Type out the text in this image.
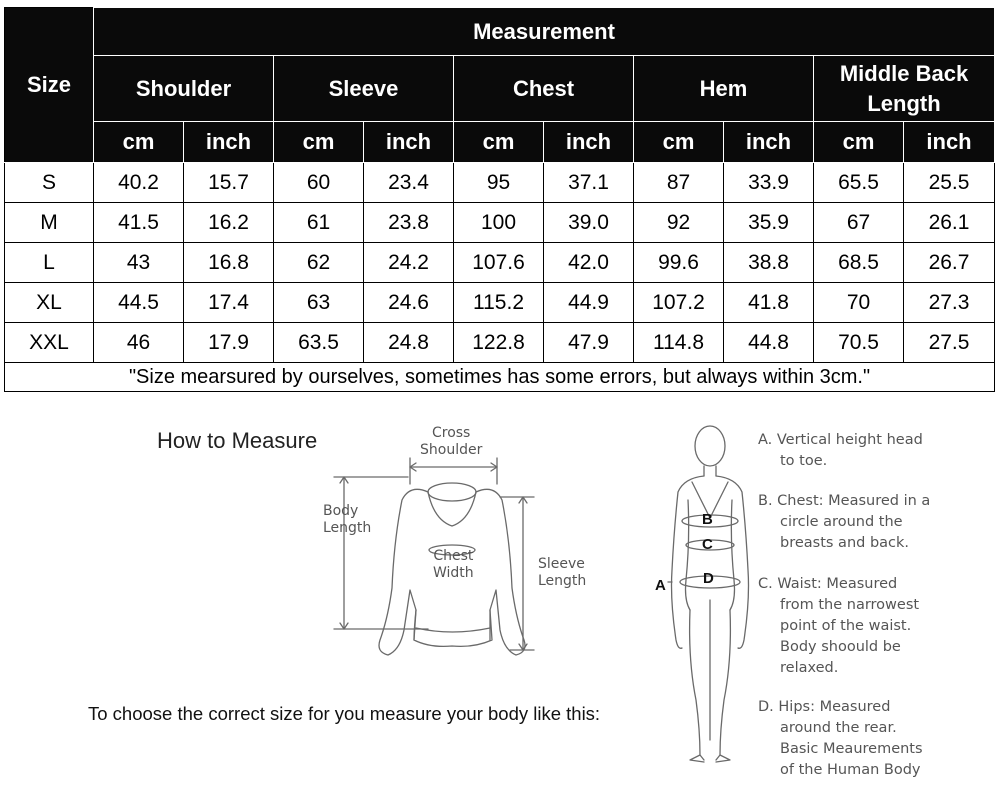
Size	Measurement									
	Shoulder		Sleeve		Chest		Hem		Middle Back Length	
	cm	inch	cm	inch	cm	inch	cm	inch	cm	inch
S	40.2	15.7	60	23.4	95	37.1	87	33.9	65.5	25.5
M	41.5	16.2	61	23.8	100	39.0	92	35.9	67	26.1
L	43	16.8	62	24.2	107.6	42.0	99.6	38.8	68.5	26.7
XL	44.5	17.4	63	24.6	115.2	44.9	107.2	41.8	70	27.3
XXL	46	17.9	63.5	24.8	122.8	47.9	114.8	44.8	70.5	27.5
"Size mearsured by ourselves, sometimes has some errors, but always within 3cm."										
How to Measure
To choose the correct size for you measure your body like this:
Cross
Shoulder
Body
Length
Chest
Width
Sleeve
Length
B
C
D
A
A. Vertical height head
to toe.
B. Chest: Measured in a
circle around the
breasts and back.
C. Waist: Measured
from the narrowest
point of the waist.
Body shoould be
relaxed.
D. Hips: Measured
around the rear.
Basic Meaurements
of the Human Body
